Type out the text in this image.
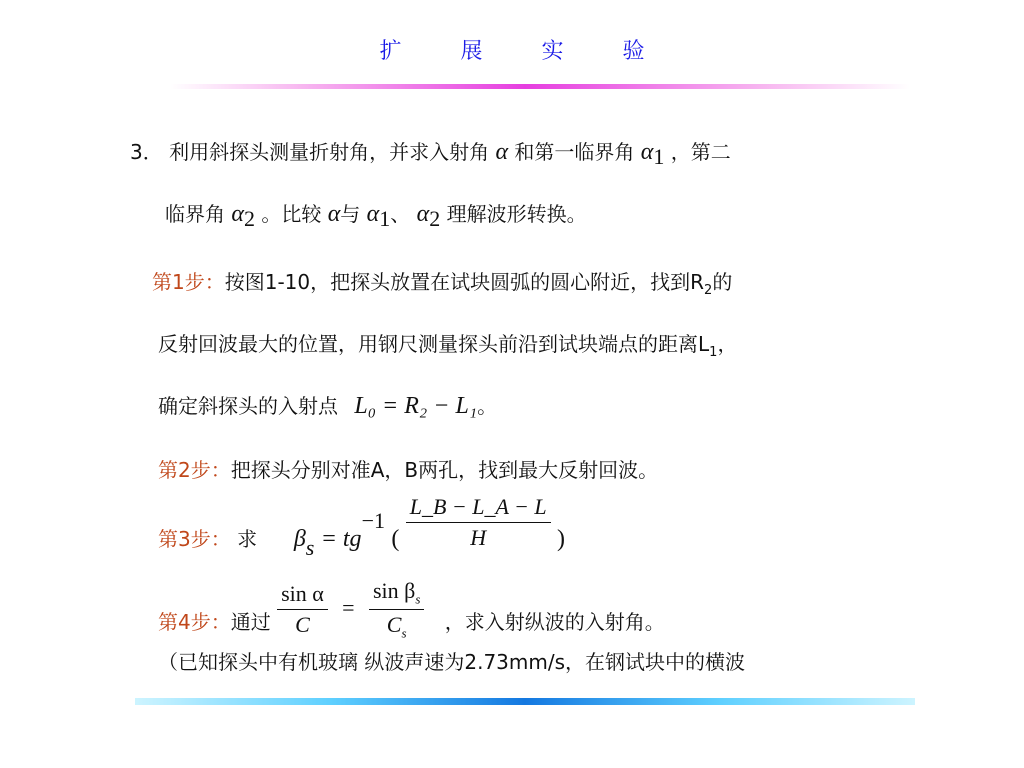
扩	展	实	验
3． 利用斜探头测量折射角，并求入射角 α 和第一临界角 $\alpha_1$ ，第二
临界角 $\alpha_2$ 。比较 α与 $\alpha_1$、 $\alpha_2$ 理解波形转换。
第1步：按图1-10，把探头放置在试块圆弧的圆心附近，找到$R_2$的
反射回波最大的位置，用钢尺测量探头前沿到试块端点的距离$L_1$，
确定斜探头的入射点 L₀ = R₂ − L₁。
第2步：把探头分别对准A，B两孔，找到最大反射回波。
第3步： 求 $\beta_s = tg^{-1}$ ( $\frac{L\_B - L\_A - L}{H}$ )
第4步：通过 $\frac{\text{sin α}}{C} = \frac{\sin \beta_s}{C_s}$ ，求入射纵波的入射角。
（已知探头中有机玻璃 纵波声速为2.73mm/s，在钢试块中的横波
